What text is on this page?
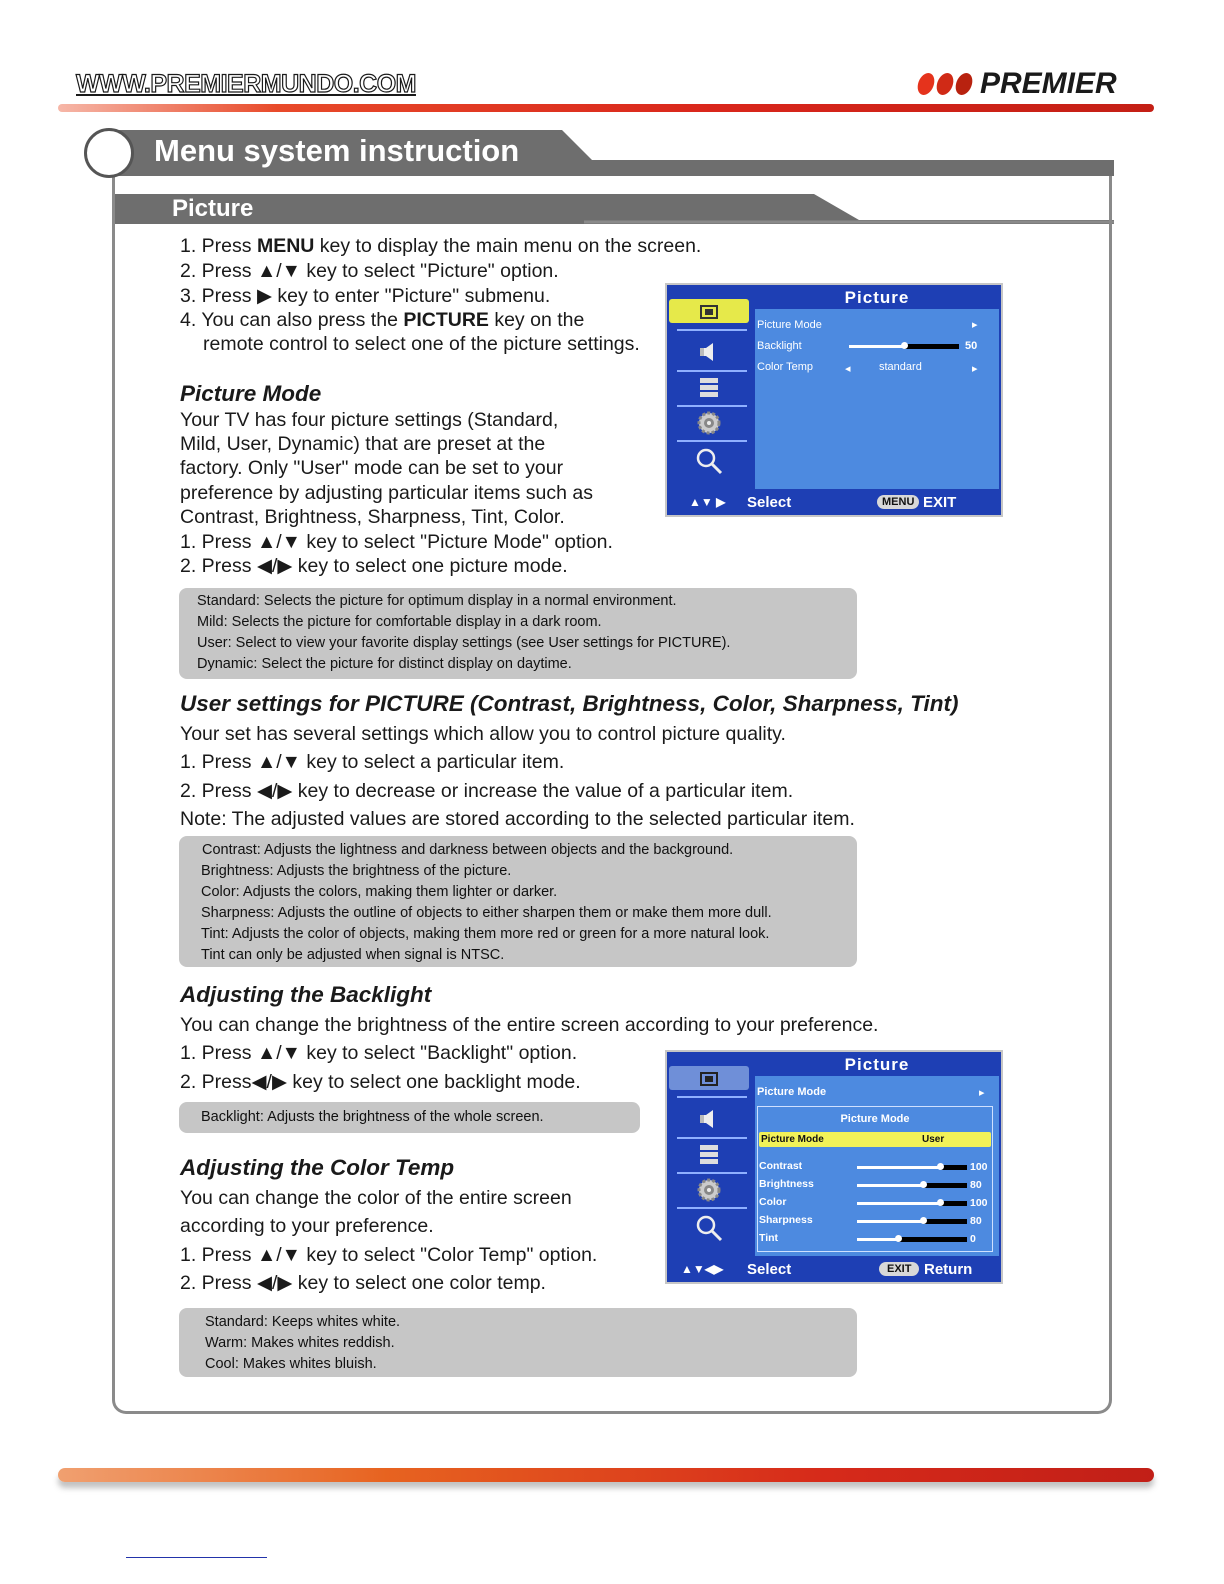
WWW.PREMIERMUNDO.COM	PREMIER
Menu system instruction
Picture
1. Press MENU key to display the main menu on the screen.
2. Press ▲/▼ key to select "Picture" option.
3. Press ▶ key to enter "Picture" submenu.
4. You can also press the PICTURE key on the
remote control to select one of the picture settings.
Picture Mode
Your TV has four picture settings (Standard,
Mild, User, Dynamic) that are preset at the
factory. Only "User" mode can be set to your
preference by adjusting particular items such as
Contrast, Brightness, Sharpness, Tint, Color.
1. Press ▲/▼ key to select "Picture Mode" option.
2. Press ◀/▶ key to select one picture mode.
Standard: Selects the picture for optimum display in a normal environment.
Mild: Selects the picture for comfortable display in a dark room.
User: Select to view your favorite display settings (see User settings for PICTURE).
Dynamic: Select the picture for distinct display on daytime.
User settings for PICTURE (Contrast, Brightness, Color, Sharpness, Tint)
Your set has several settings which allow you to control picture quality.
1. Press ▲/▼ key to select a particular item.
2. Press ◀/▶ key to decrease or increase the value of a particular item.
Note: The adjusted values are stored according to the selected particular item.
Contrast: Adjusts the lightness and darkness between objects and the background.
Brightness: Adjusts the brightness of the picture.
Color: Adjusts the colors, making them lighter or darker.
Sharpness: Adjusts the outline of objects to either sharpen them or make them more dull.
Tint: Adjusts the color of objects, making them more red or green for a more natural look.
Tint can only be adjusted when signal is NTSC.
Adjusting the Backlight
You can change the brightness of the entire screen according to your preference.
1. Press ▲/▼ key to select "Backlight" option.
2. Press◀/▶ key to select one backlight mode.
Backlight: Adjusts the brightness of the whole screen.
Adjusting the Color Temp
You can change the color of the entire screen
according to your preference.
1. Press ▲/▼ key to select "Color Temp" option.
2. Press ◀/▶ key to select one color temp.
Standard: Keeps whites white.
Warm: Makes whites reddish.
Cool: Makes whites bluish.
Picture
Picture Mode	▸
Backlight	50
Color Temp	◂	standard	▸
▲▼ ▶ Select	MENU EXIT
Picture
Picture Mode	▸
Picture Mode
Picture Mode	User
▲▼◀▶ Select	EXIT Return
Contrast	100
Brightness	80
Color	100
Sharpness	80
Tint	0
